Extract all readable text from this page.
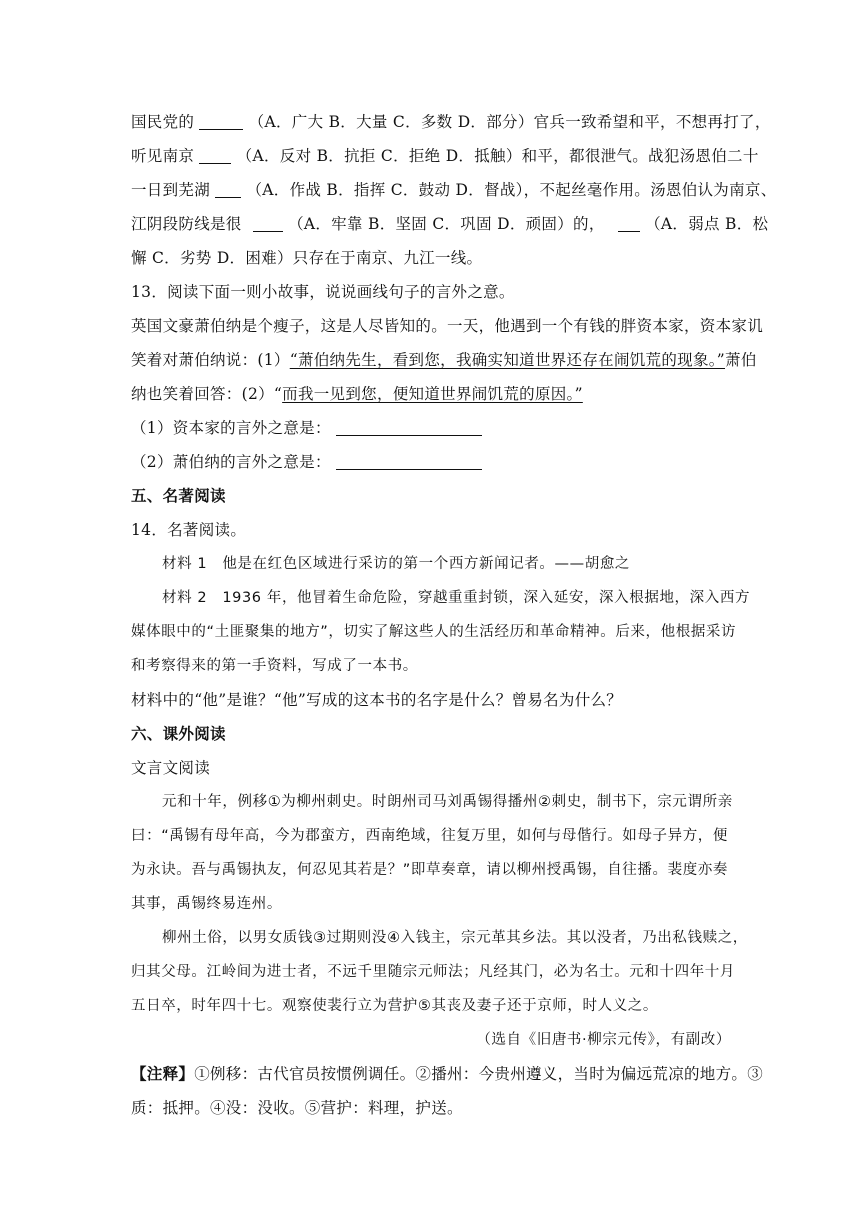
国民党的	（A．广大 B．大量 C．多数 D．部分）官兵一致希望和平，不想再打了，
听见南京	（A．反对 B．抗拒 C．拒绝 D．抵触）和平，都很泄气。战犯汤恩伯二十
一日到芜湖 （A．作战 B．指挥 C．鼓动 D．督战），不起丝毫作用。汤恩伯认为南京、
江阴段防线是很	（A．牢靠 B．坚固 C．巩固 D．顽固）的，	（A．弱点 B．松
懈 C．劣势 D．困难）只存在于南京、九江一线。
13．阅读下面一则小故事，说说画线句子的言外之意。
英国文豪萧伯纳是个瘦子，这是人尽皆知的。一天，他遇到一个有钱的胖资本家，资本家讥
笑着对萧伯纳说：(1）“萧伯纳先生，看到您，我确实知道世界还存在闹饥荒的现象。”萧伯
纳也笑着回答：(2）“而我一见到您，便知道世界闹饥荒的原因。”
（1）资本家的言外之意是：
（2）萧伯纳的言外之意是：
五、名著阅读
14．名著阅读。
材料 1　他是在红色区域进行采访的第一个西方新闻记者。——胡愈之
材料 2　1936 年，他冒着生命危险，穿越重重封锁，深入延安，深入根据地，深入西方
媒体眼中的“土匪聚集的地方”，切实了解这些人的生活经历和革命精神。后来，他根据采访
和考察得来的第一手资料，写成了一本书。
材料中的“他”是谁？“他”写成的这本书的名字是什么？曾易名为什么？
六、课外阅读
文言文阅读
元和十年，例移①为柳州刺史。时朗州司马刘禹锡得播州②刺史，制书下，宗元谓所亲
曰：“禹锡有母年高，今为郡蛮方，西南绝域，往复万里，如何与母偕行。如母子异方，便
为永诀。吾与禹锡执友，何忍见其若是？”即草奏章，请以柳州授禹锡，自往播。裴度亦奏
其事，禹锡终易连州。
柳州土俗，以男女质钱③过期则没④入钱主，宗元革其乡法。其以没者，乃出私钱赎之，
归其父母。江岭间为进士者，不远千里随宗元师法；凡经其门，必为名士。元和十四年十月
五日卒，时年四十七。观察使裴行立为营护⑤其丧及妻子还于京师，时人义之。
（选自《旧唐书·柳宗元传》，有副改）
【注释】①例移：古代官员按惯例调任。②播州：今贵州遵义，当时为偏远荒凉的地方。③
质：抵押。④没：没收。⑤营护：料理，护送。
